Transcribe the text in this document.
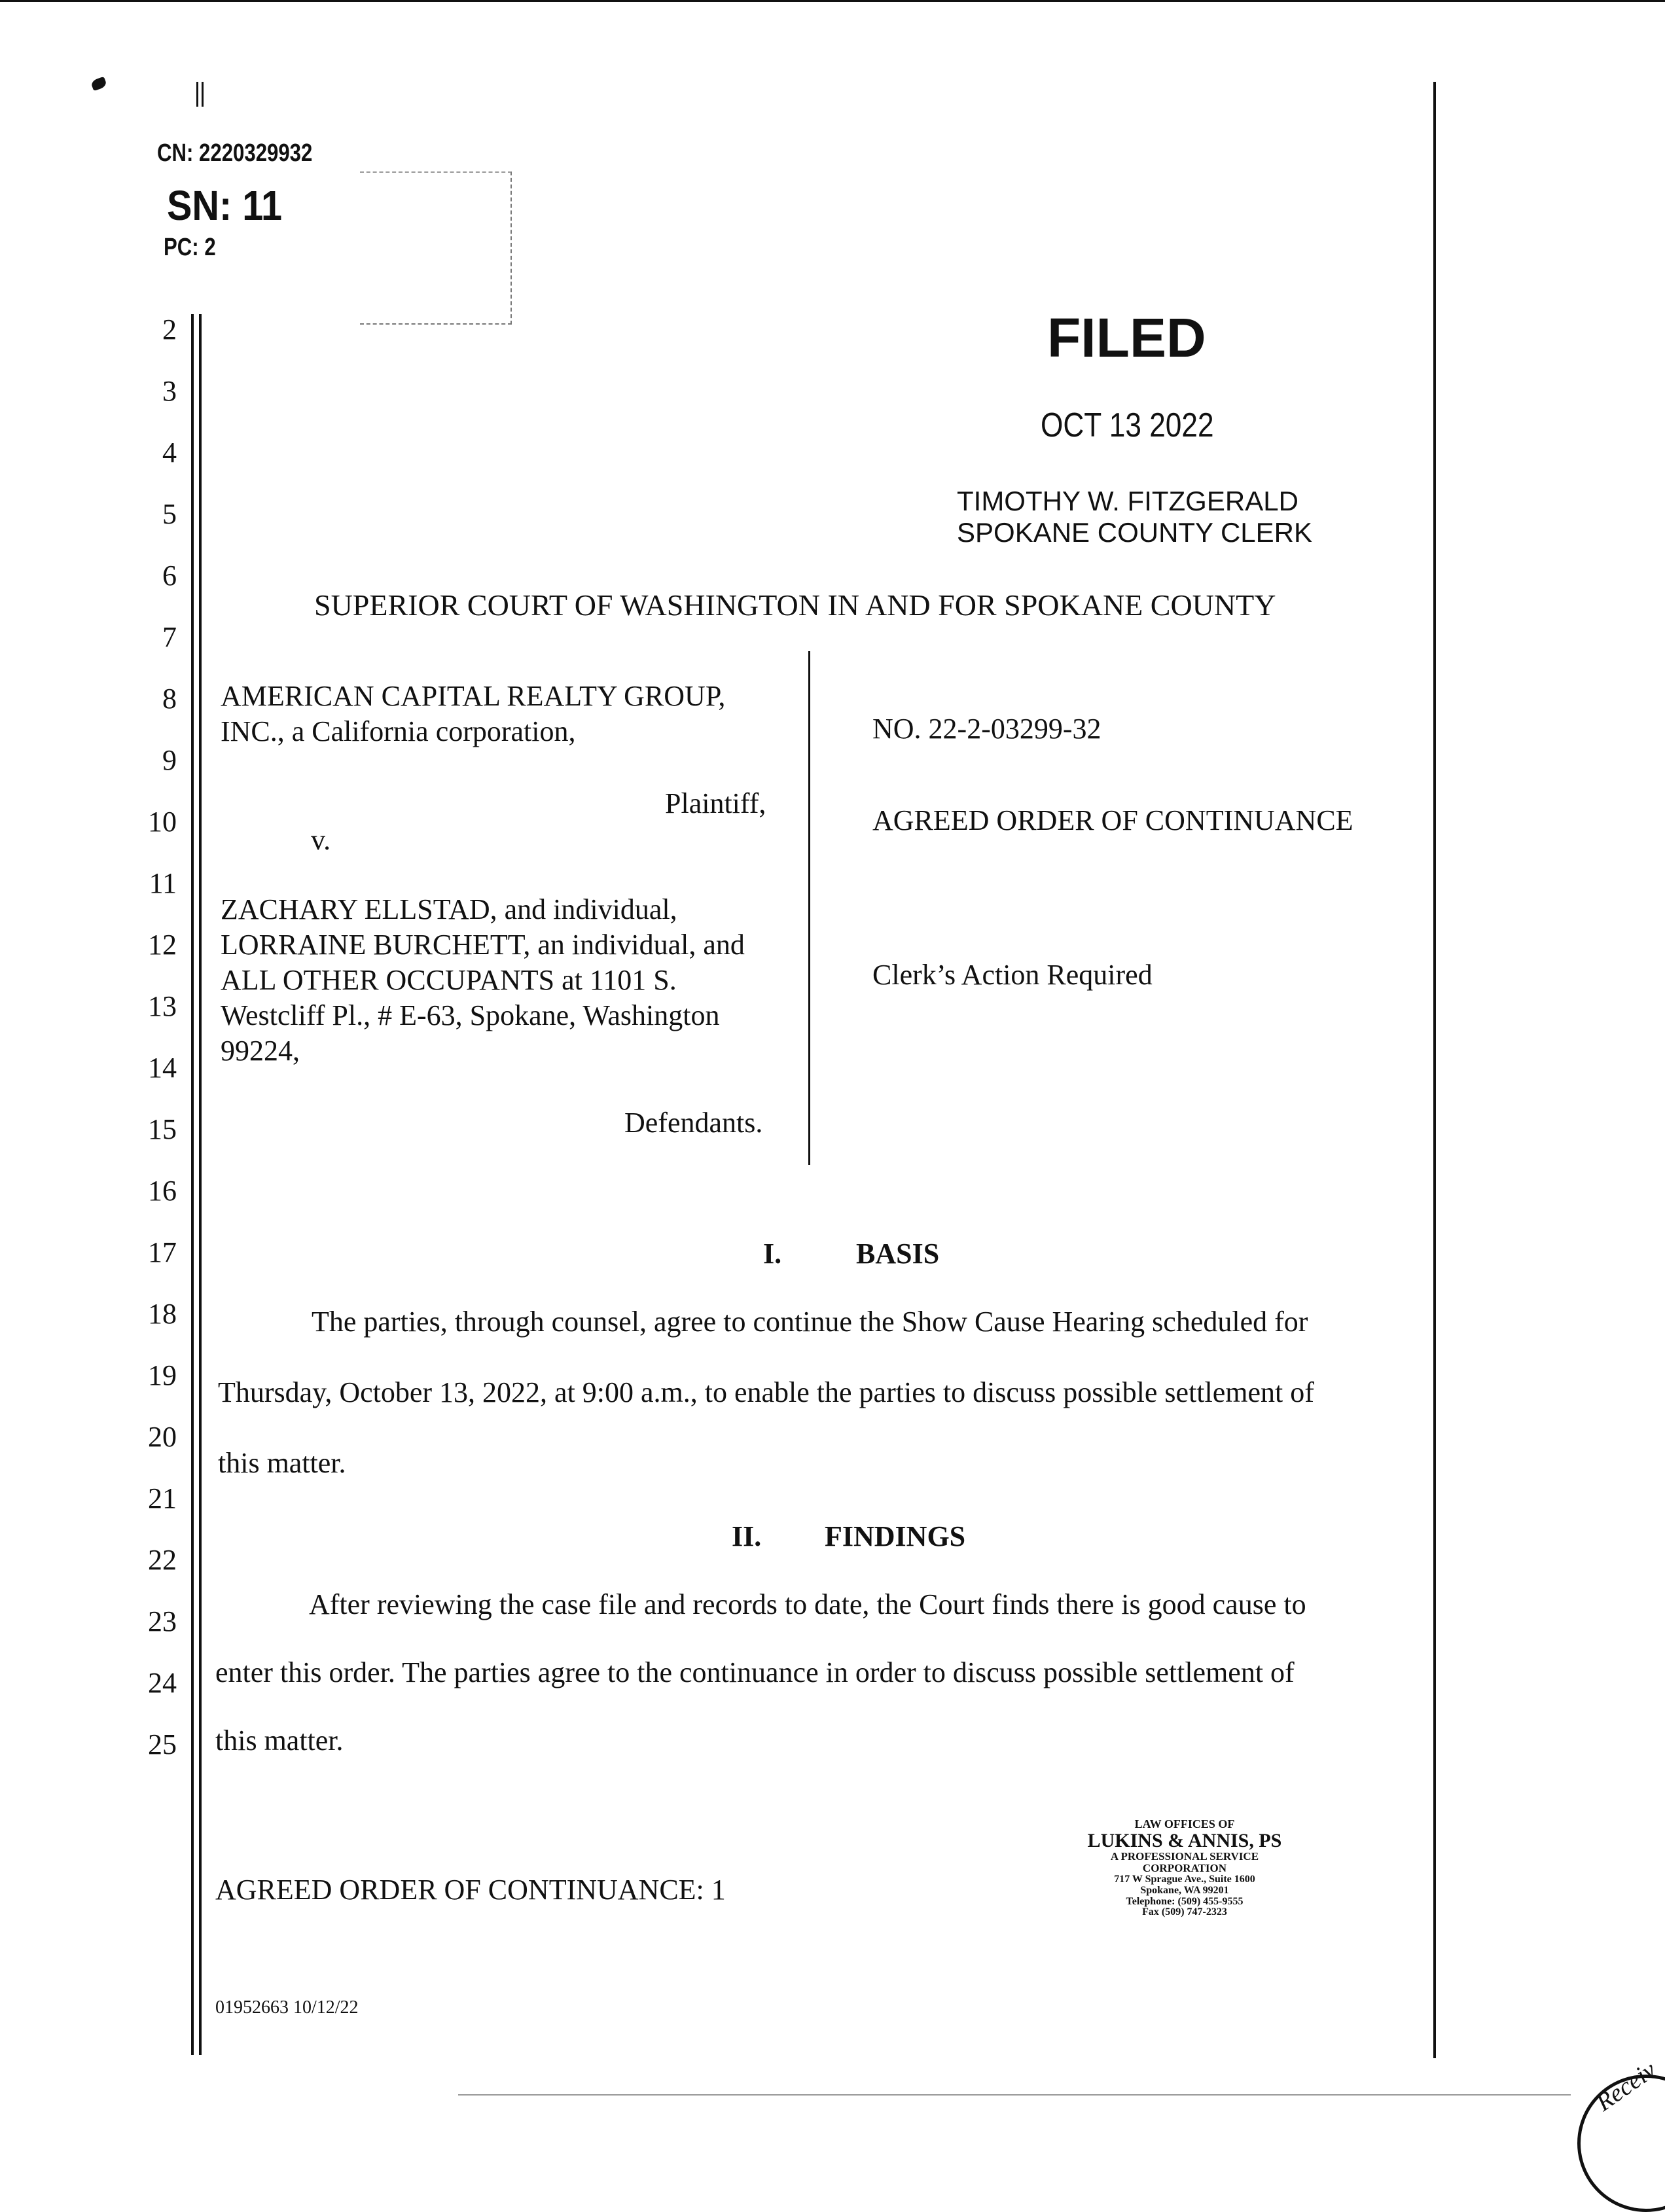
CN: 2220329932
SN: 11
PC: 2
2
3
4
5
6
7
8
9
10
11
12
13
14
15
16
17
18
19
20
21
22
23
24
25
FILED
OCT 13 2022
TIMOTHY W. FITZGERALD
SPOKANE COUNTY CLERK
SUPERIOR COURT OF WASHINGTON IN AND FOR SPOKANE COUNTY
AMERICAN CAPITAL REALTY GROUP,
INC., a California corporation,
Plaintiff,
v.
ZACHARY ELLSTAD, and individual,
LORRAINE BURCHETT, an individual, and
ALL OTHER OCCUPANTS at 1101 S.
Westcliff Pl., # E-63, Spokane, Washington
99224,
Defendants.
NO. 22-2-03299-32
AGREED ORDER OF CONTINUANCE
Clerk’s Action Required
I.	BASIS
The parties, through counsel, agree to continue the Show Cause Hearing scheduled for
Thursday, October 13, 2022, at 9:00 a.m., to enable the parties to discuss possible settlement of
this matter.
II. FINDINGS
After reviewing the case file and records to date, the Court finds there is good cause to
enter this order. The parties agree to the continuance in order to discuss possible settlement of
this matter.
AGREED ORDER OF CONTINUANCE: 1
01952663 10/12/22
LAW OFFICES OF
LUKINS & ANNIS, PS
A PROFESSIONAL SERVICE CORPORATION
717 W Sprague Ave., Suite 1600
Spokane, WA 99201
Telephone: (509) 455-9555
Fax (509) 747-2323
Receiv
